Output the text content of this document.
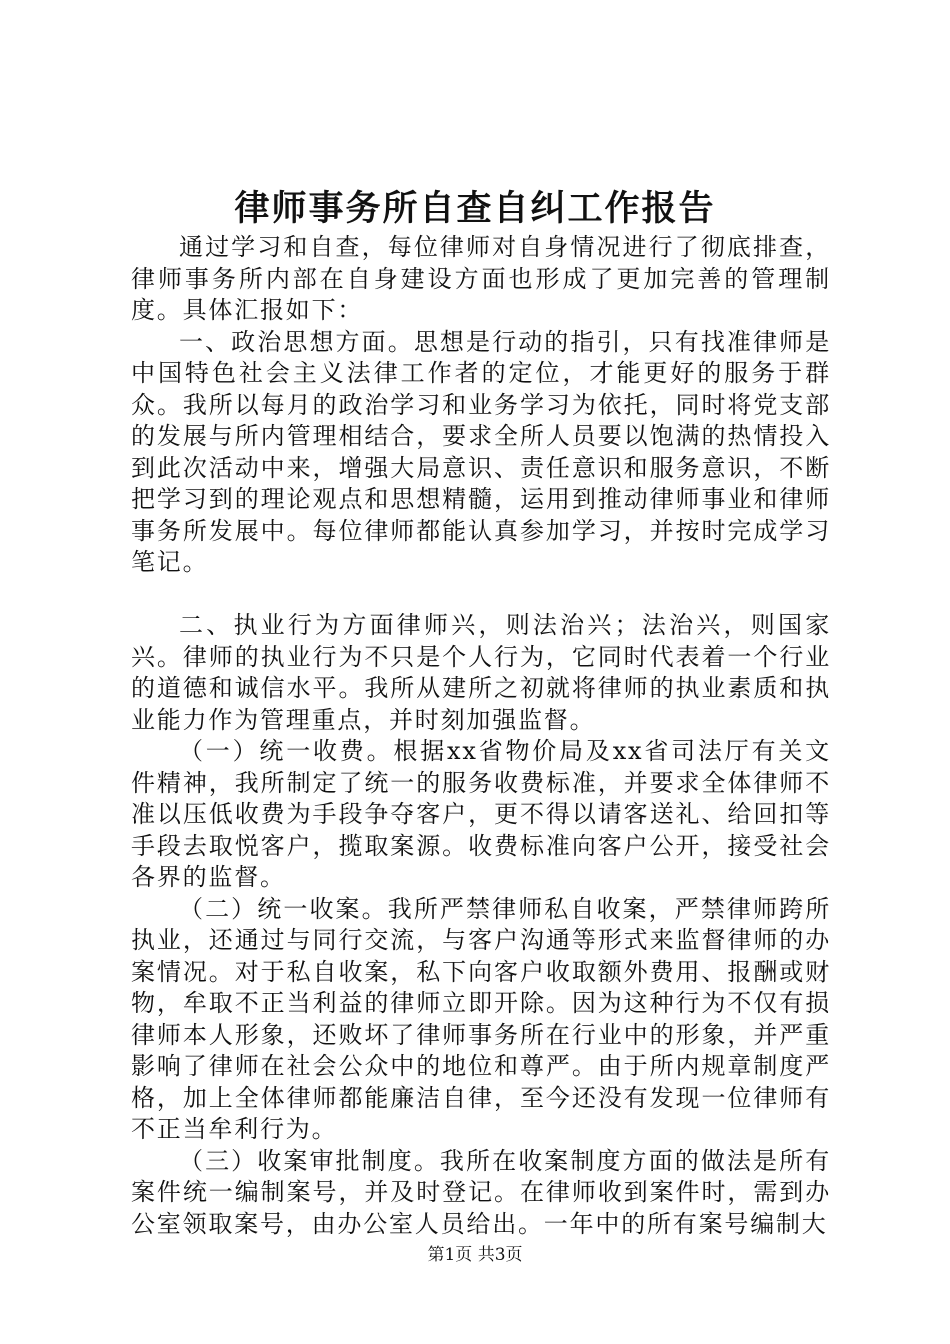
律师事务所自查自纠工作报告

通过学习和自查，每位律师对自身情况进行了彻底排查，律师事务所内部在自身建设方面也形成了更加完善的管理制度。具体汇报如下：

一、政治思想方面。思想是行动的指引，只有找准律师是中国特色社会主义法律工作者的定位，才能更好的服务于群众。我所以每月的政治学习和业务学习为依托，同时将党支部的发展与所内管理相结合，要求全所人员要以饱满的热情投入到此次活动中来，增强大局意识、责任意识和服务意识，不断把学习到的理论观点和思想精髓，运用到推动律师事业和律师事务所发展中。每位律师都能认真参加学习，并按时完成学习笔记。

二、执业行为方面律师兴，则法治兴；法治兴，则国家兴。律师的执业行为不只是个人行为，它同时代表着一个行业的道德和诚信水平。我所从建所之初就将律师的执业素质和执业能力作为管理重点，并时刻加强监督。

（一）统一收费。根据xx省物价局及xx省司法厅有关文件精神，我所制定了统一的服务收费标准，并要求全体律师不准以压低收费为手段争夺客户，更不得以请客送礼、给回扣等手段去取悦客户，揽取案源。收费标准向客户公开，接受社会各界的监督。

（二）统一收案。我所严禁律师私自收案，严禁律师跨所执业，还通过与同行交流，与客户沟通等形式来监督律师的办案情况。对于私自收案，私下向客户收取额外费用、报酬或财物，牟取不正当利益的律师立即开除。因为这种行为不仅有损律师本人形象，还败坏了律师事务所在行业中的形象，并严重影响了律师在社会公众中的地位和尊严。由于所内规章制度严格，加上全体律师都能廉洁自律，至今还没有发现一位律师有不正当牟利行为。

（三）收案审批制度。我所在收案制度方面的做法是所有案件统一编制案号，并及时登记。在律师收到案件时，需到办公室领取案号，由办公室人员给出。一年中的所有案号编制大

第1页 共3页
